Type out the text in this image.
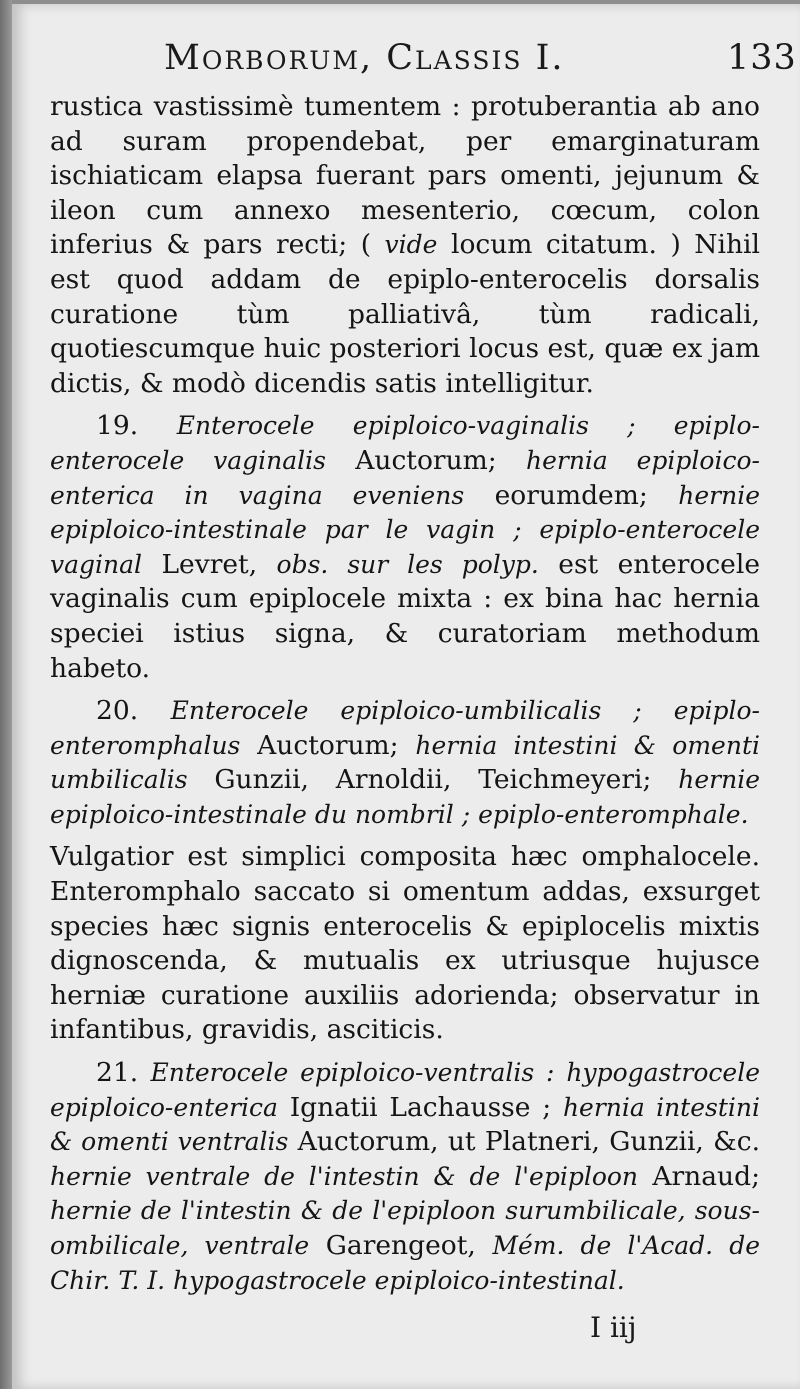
Morborum, Classis I.	133

rustica vastissimè tumentem : protuberantia ab ano ad suram propendebat, per emarginaturam ischiaticam elapsa fuerant pars omenti, jejunum & ileon cum annexo mesenterio, cœcum, colon inferius & pars recti; ( vide locum citatum. ) Nihil est quod addam de epiplo-enterocelis dorsalis curatione tùm palliativâ, tùm radicali, quotiescumque huic posteriori locus est, quæ ex jam dictis, & modò dicendis satis intelligitur.

19. Enterocele epiploico-vaginalis ; epiplo-enterocele vaginalis Auctorum; hernia epiploico-enterica in vagina eveniens eorumdem; hernie epiploico-intestinale par le vagin ; epiplo-enterocele vaginal Levret, obs. sur les polyp. est enterocele vaginalis cum epiplocele mixta : ex bina hac hernia speciei istius signa, & curatoriam methodum habeto.

20. Enterocele epiploico-umbilicalis ; epiplo-enteromphalus Auctorum; hernia intestini & omenti umbilicalis Gunzii, Arnoldii, Teichmeyeri; hernie epiploico-intestinale du nombril ; epiplo-enteromphale.

Vulgatior est simplici composita hæc omphalocele. Enteromphalo saccato si omentum addas, exsurget species hæc signis enterocelis & epiplocelis mixtis dignoscenda, & mutualis ex utriusque hujusce herniæ curatione auxiliis adorienda; observatur in infantibus, gravidis, asciticis.

21. Enterocele epiploico-ventralis : hypogastrocele epiploico-enterica Ignatii Lachausse ; hernia intestini & omenti ventralis Auctorum, ut Platneri, Gunzii, &c. hernie ventrale de l'intestin & de l'epiploon Arnaud; hernie de l'intestin & de l'epiploon surumbilicale, sous-ombilicale, ventrale Garengeot, Mém. de l'Acad. de Chir. T. I. hypogastrocele epiploico-intestinal.

I iij
